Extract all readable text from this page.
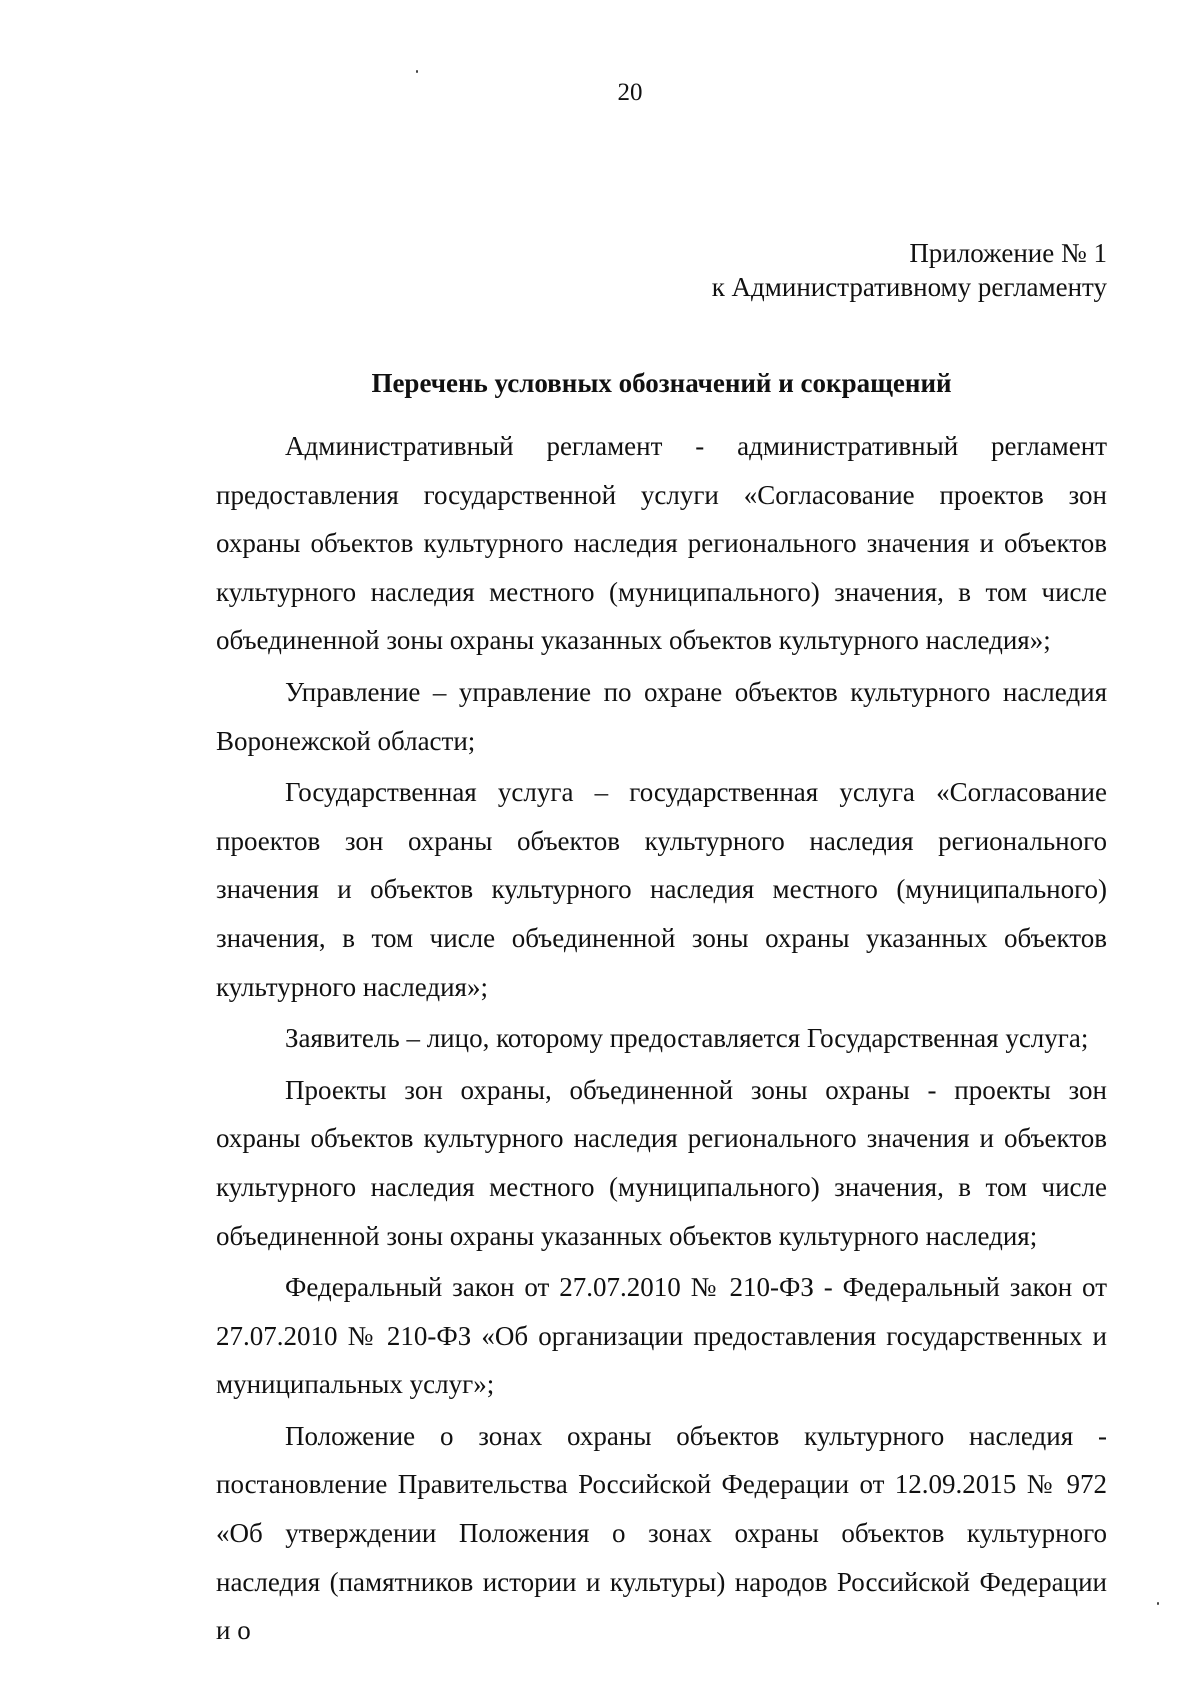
20
Приложение № 1
к Административному регламенту
Перечень условных обозначений и сокращений

Административный регламент - административный регламент предоставления государственной услуги «Согласование проектов зон охраны объектов культурного наследия регионального значения и объектов культурного наследия местного (муниципального) значения, в том числе объединенной зоны охраны указанных объектов культурного наследия»;

Управление – управление по охране объектов культурного наследия Воронежской области;

Государственная услуга – государственная услуга «Согласование проектов зон охраны объектов культурного наследия регионального значения и объектов культурного наследия местного (муниципального) значения, в том числе объединенной зоны охраны указанных объектов культурного наследия»;

Заявитель – лицо, которому предоставляется Государственная услуга;

Проекты зон охраны, объединенной зоны охраны - проекты зон охраны объектов культурного наследия регионального значения и объектов культурного наследия местного (муниципального) значения, в том числе объединенной зоны охраны указанных объектов культурного наследия;

Федеральный закон от 27.07.2010 № 210-ФЗ - Федеральный закон от 27.07.2010 № 210-ФЗ «Об организации предоставления государственных и муниципальных услуг»;

Положение о зонах охраны объектов культурного наследия - постановление Правительства Российской Федерации от 12.09.2015 № 972 «Об утверждении Положения о зонах охраны объектов культурного наследия (памятников истории и культуры) народов Российской Федерации и о
